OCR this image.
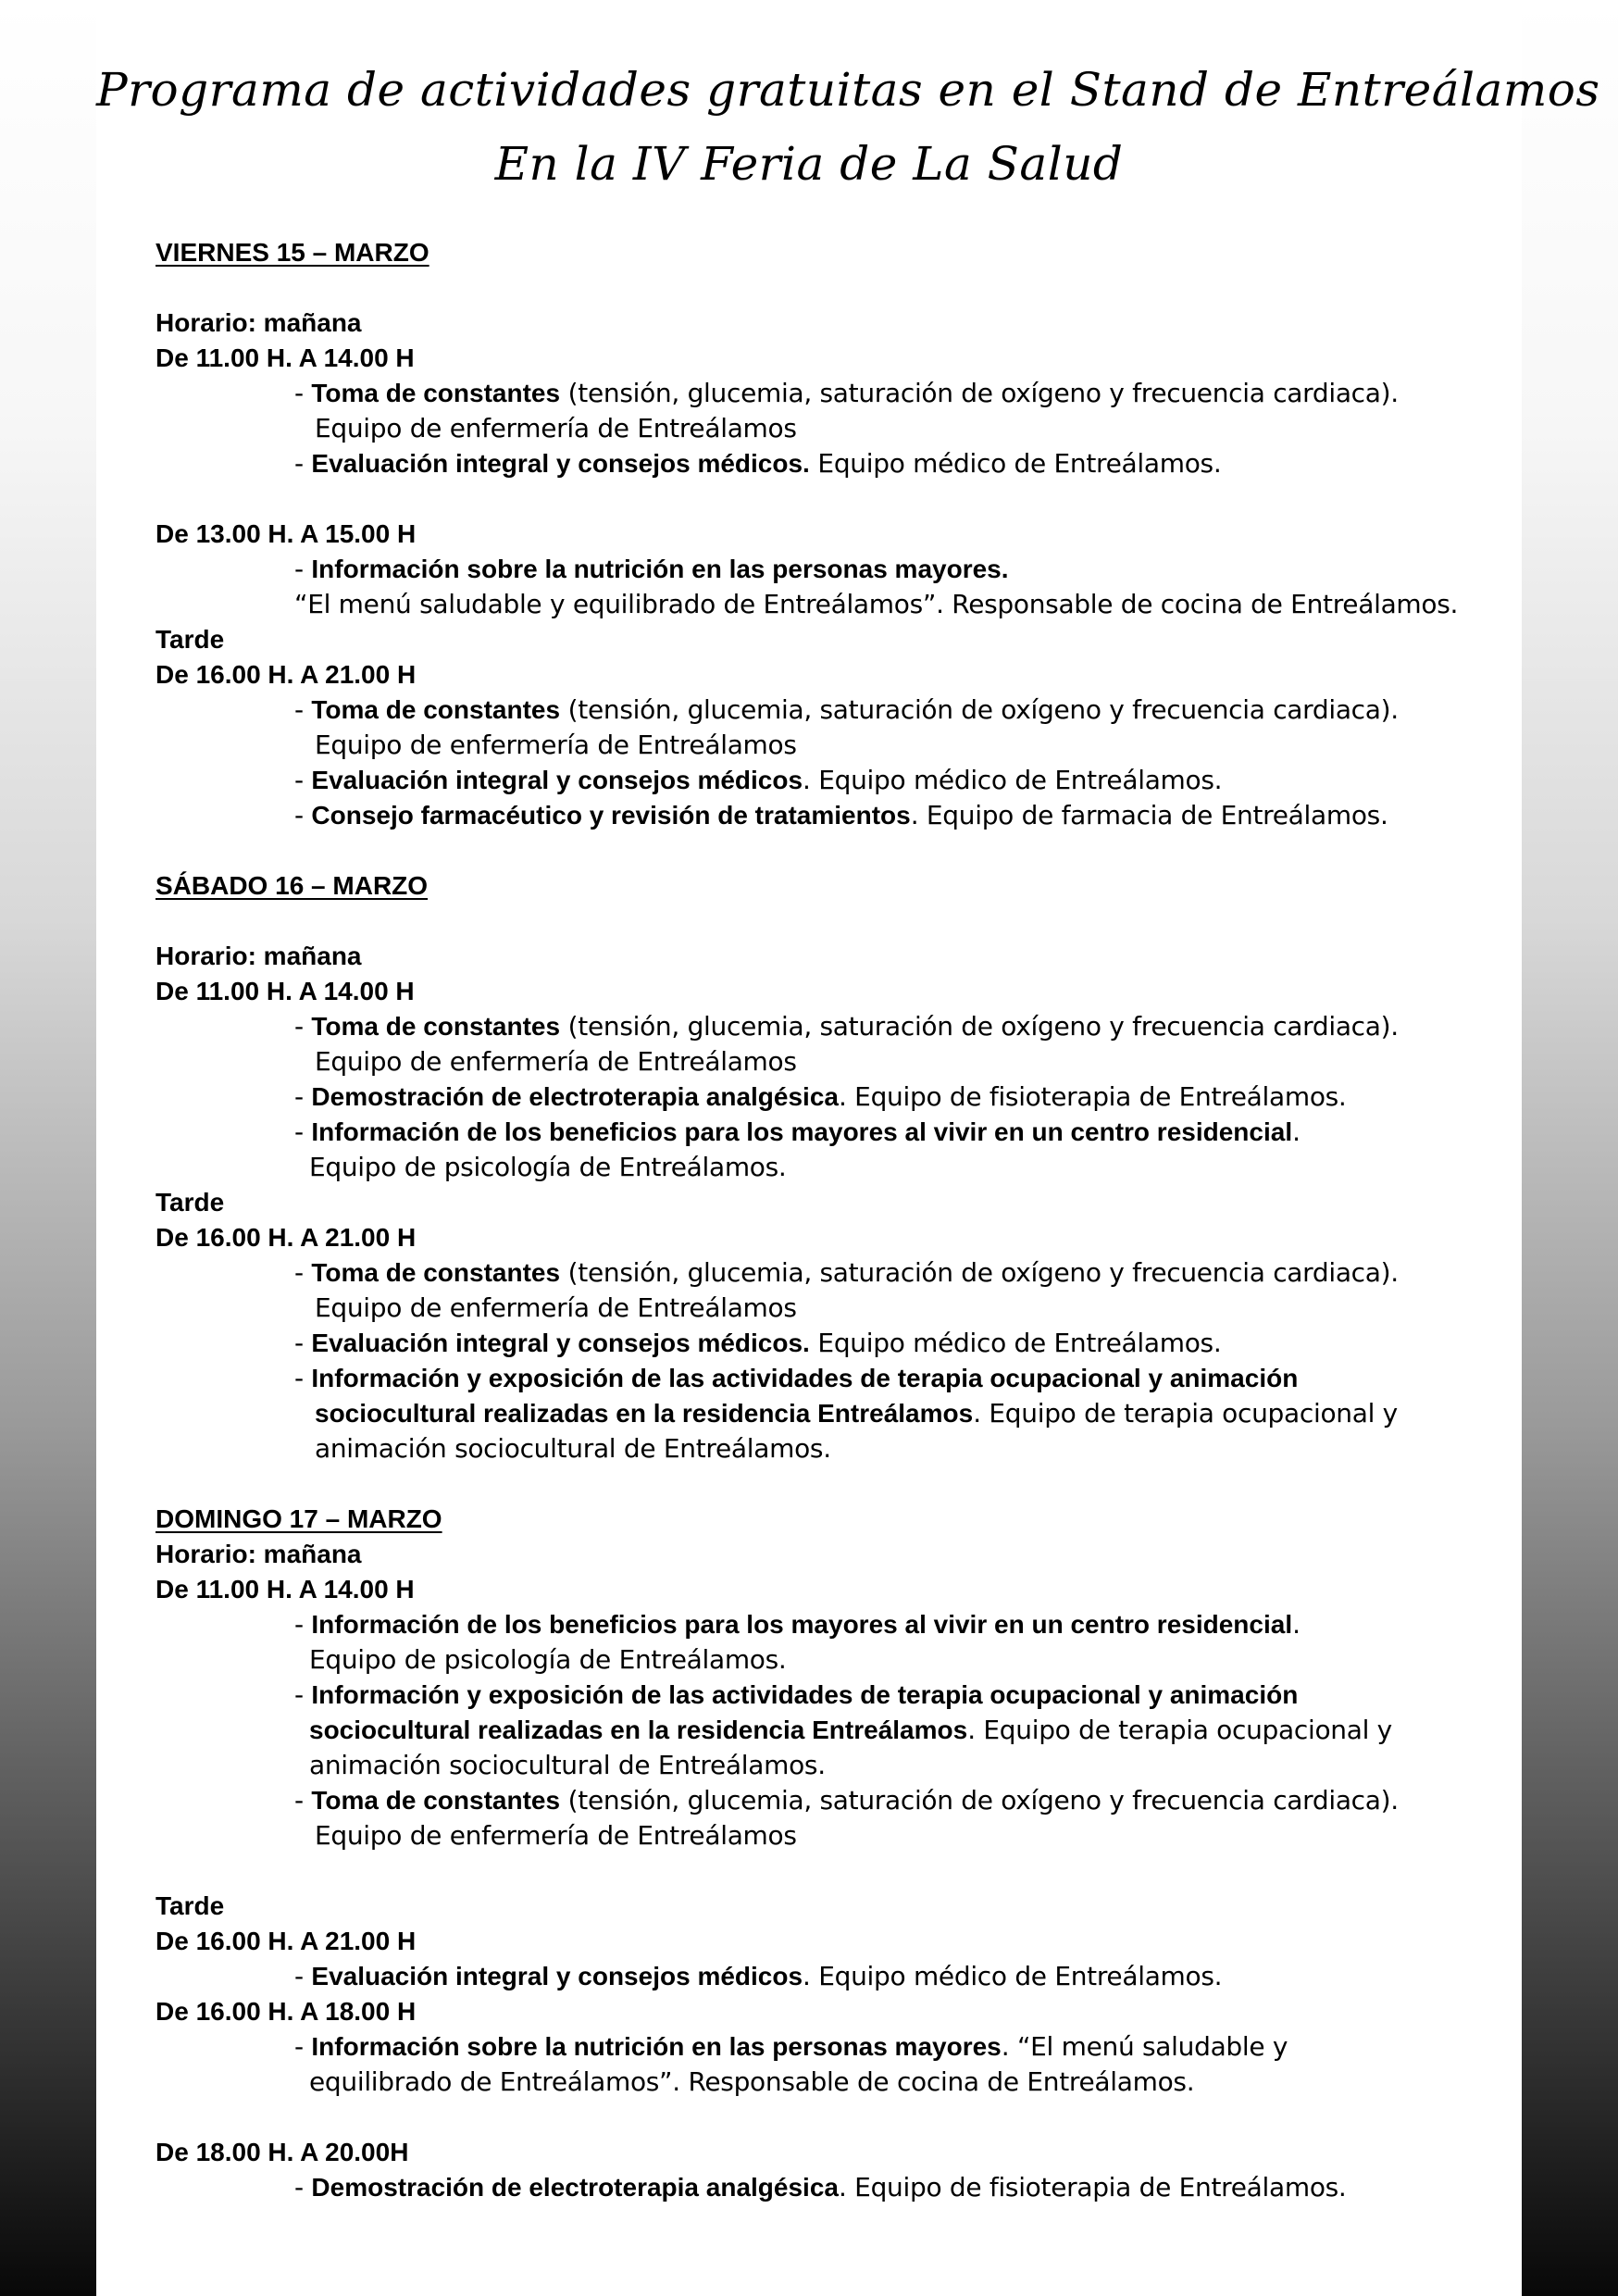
Programa de actividades gratuitas en el Stand de Entreálamos
En la IV Feria de La Salud
VIERNES 15 – MARZO
Horario: mañana
De 11.00 H. A 14.00 H
- Toma de constantes (tensión, glucemia, saturación de oxígeno y frecuencia cardiaca).
Equipo de enfermería de Entreálamos
- Evaluación integral y consejos médicos. Equipo médico de Entreálamos.
De 13.00 H. A 15.00 H
- Información sobre la nutrición en las personas mayores.
“El menú saludable y equilibrado de Entreálamos”. Responsable de cocina de Entreálamos.
Tarde
De 16.00 H. A 21.00 H
- Toma de constantes (tensión, glucemia, saturación de oxígeno y frecuencia cardiaca).
Equipo de enfermería de Entreálamos
- Evaluación integral y consejos médicos. Equipo médico de Entreálamos.
- Consejo farmacéutico y revisión de tratamientos. Equipo de farmacia de Entreálamos.
SÁBADO 16 – MARZO
Horario: mañana
De 11.00 H. A 14.00 H
- Toma de constantes (tensión, glucemia, saturación de oxígeno y frecuencia cardiaca).
Equipo de enfermería de Entreálamos
- Demostración de electroterapia analgésica. Equipo de fisioterapia de Entreálamos.
- Información de los beneficios para los mayores al vivir en un centro residencial.
Equipo de psicología de Entreálamos.
Tarde
De 16.00 H. A 21.00 H
- Toma de constantes (tensión, glucemia, saturación de oxígeno y frecuencia cardiaca).
Equipo de enfermería de Entreálamos
- Evaluación integral y consejos médicos. Equipo médico de Entreálamos.
- Información y exposición de las actividades de terapia ocupacional y animación
sociocultural realizadas en la residencia Entreálamos. Equipo de terapia ocupacional y
animación sociocultural de Entreálamos.
DOMINGO 17 – MARZO
Horario: mañana
De 11.00 H. A 14.00 H
- Información de los beneficios para los mayores al vivir en un centro residencial.
Equipo de psicología de Entreálamos.
- Información y exposición de las actividades de terapia ocupacional y animación
sociocultural realizadas en la residencia Entreálamos. Equipo de terapia ocupacional y
animación sociocultural de Entreálamos.
- Toma de constantes (tensión, glucemia, saturación de oxígeno y frecuencia cardiaca).
Equipo de enfermería de Entreálamos
Tarde
De 16.00 H. A 21.00 H
- Evaluación integral y consejos médicos. Equipo médico de Entreálamos.
De 16.00 H. A 18.00 H
- Información sobre la nutrición en las personas mayores. “El menú saludable y
equilibrado de Entreálamos”. Responsable de cocina de Entreálamos.
De 18.00 H. A 20.00H
- Demostración de electroterapia analgésica. Equipo de fisioterapia de Entreálamos.
